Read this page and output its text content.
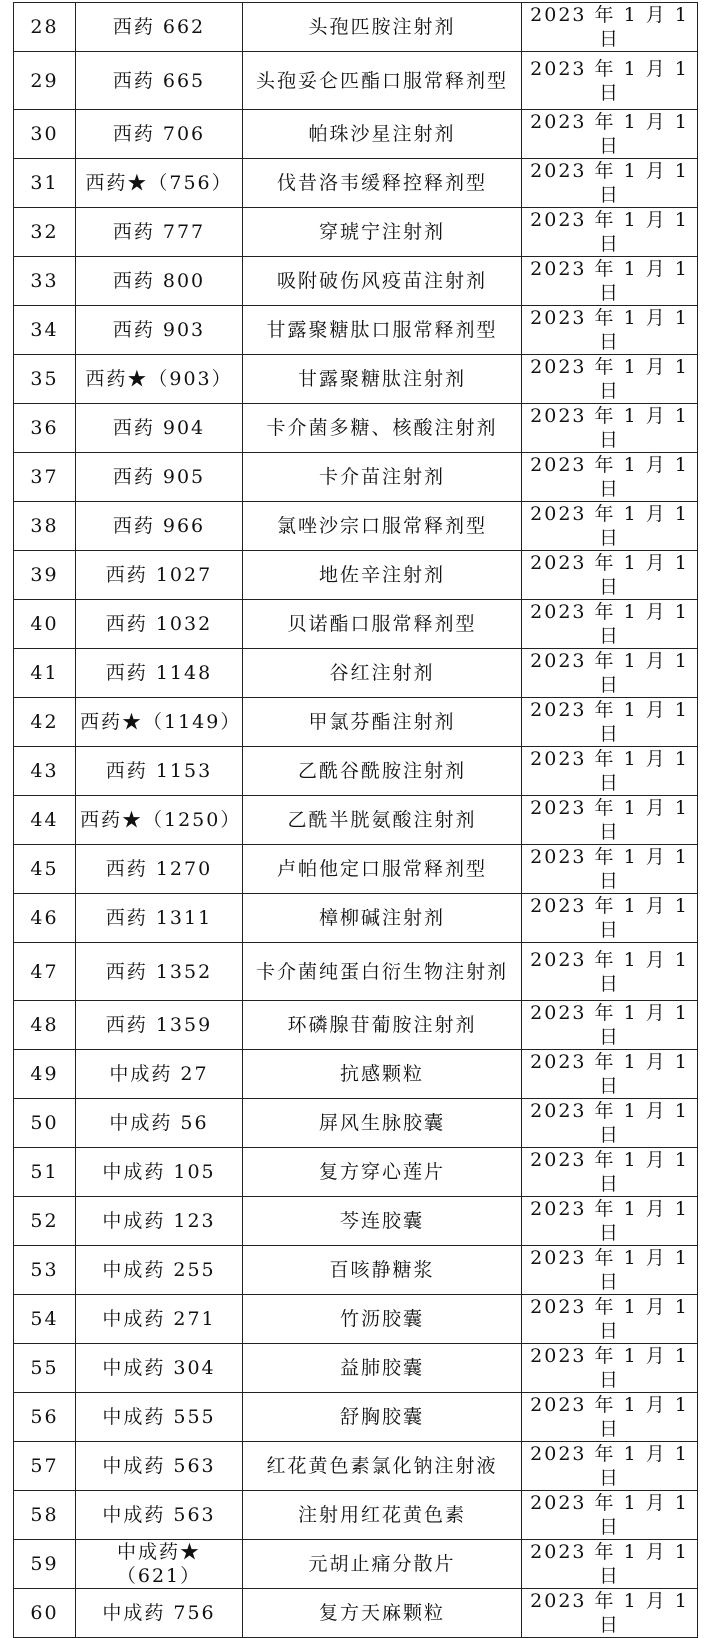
28	西药 662	头孢匹胺注射剂	2023 年 1 月 1 日
29	西药 665	头孢妥仑匹酯口服常释剂型	2023 年 1 月 1 日
30	西药 706	帕珠沙星注射剂	2023 年 1 月 1 日
31	西药★（756）	伐昔洛韦缓释控释剂型	2023 年 1 月 1 日
32	西药 777	穿琥宁注射剂	2023 年 1 月 1 日
33	西药 800	吸附破伤风疫苗注射剂	2023 年 1 月 1 日
34	西药 903	甘露聚糖肽口服常释剂型	2023 年 1 月 1 日
35	西药★（903）	甘露聚糖肽注射剂	2023 年 1 月 1 日
36	西药 904	卡介菌多糖、核酸注射剂	2023 年 1 月 1 日
37	西药 905	卡介苗注射剂	2023 年 1 月 1 日
38	西药 966	氯唑沙宗口服常释剂型	2023 年 1 月 1 日
39	西药 1027	地佐辛注射剂	2023 年 1 月 1 日
40	西药 1032	贝诺酯口服常释剂型	2023 年 1 月 1 日
41	西药 1148	谷红注射剂	2023 年 1 月 1 日
42	西药★（1149）	甲氯芬酯注射剂	2023 年 1 月 1 日
43	西药 1153	乙酰谷酰胺注射剂	2023 年 1 月 1 日
44	西药★（1250）	乙酰半胱氨酸注射剂	2023 年 1 月 1 日
45	西药 1270	卢帕他定口服常释剂型	2023 年 1 月 1 日
46	西药 1311	樟柳碱注射剂	2023 年 1 月 1 日
47	西药 1352	卡介菌纯蛋白衍生物注射剂	2023 年 1 月 1 日
48	西药 1359	环磷腺苷葡胺注射剂	2023 年 1 月 1 日
49	中成药 27	抗感颗粒	2023 年 1 月 1 日
50	中成药 56	屏风生脉胶囊	2023 年 1 月 1 日
51	中成药 105	复方穿心莲片	2023 年 1 月 1 日
52	中成药 123	芩连胶囊	2023 年 1 月 1 日
53	中成药 255	百咳静糖浆	2023 年 1 月 1 日
54	中成药 271	竹沥胶囊	2023 年 1 月 1 日
55	中成药 304	益肺胶囊	2023 年 1 月 1 日
56	中成药 555	舒胸胶囊	2023 年 1 月 1 日
57	中成药 563	红花黄色素氯化钠注射液	2023 年 1 月 1 日
58	中成药 563	注射用红花黄色素	2023 年 1 月 1 日
59	中成药★（621）	元胡止痛分散片	2023 年 1 月 1 日
60	中成药 756	复方天麻颗粒	2023 年 1 月 1 日
